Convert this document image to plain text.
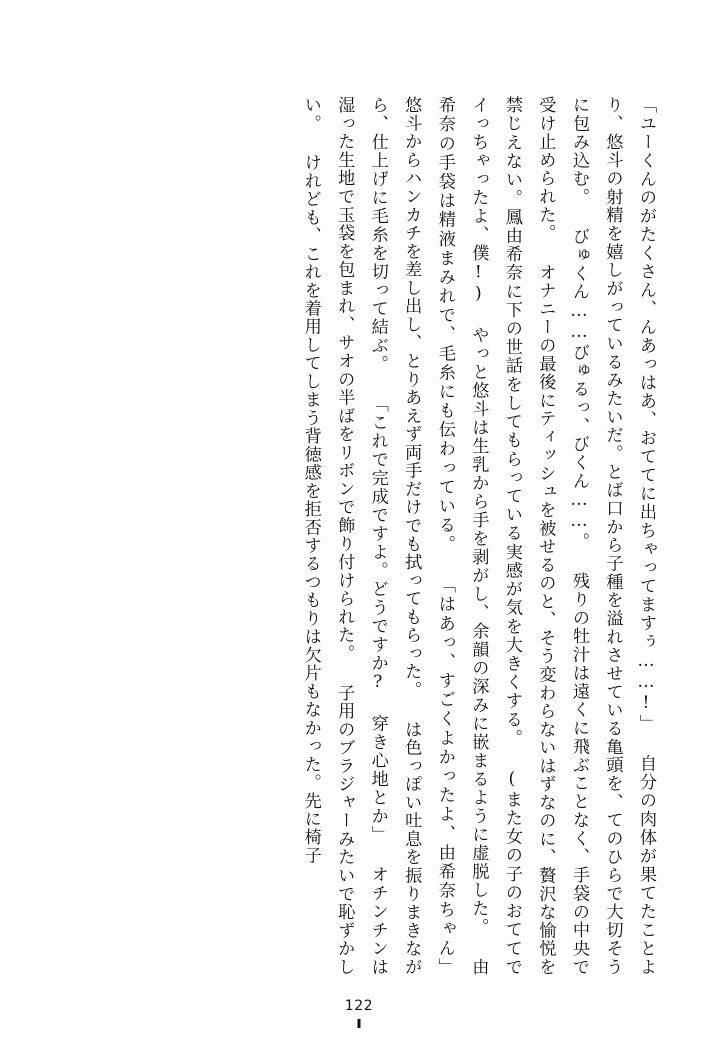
「ユーくんのがたくさん、んあっはあ、おててに出ちゃってますぅ……!」 自分の肉体が果てたことより、悠斗の射精を嬉しがっているみたいだ。とば口から子種を溢れさせている亀頭を、てのひらで大切そうに包み込む。 びゅくん……びゅるっ、びくん……。 残りの牡汁は遠くに飛ぶことなく、手袋の中央で受け止められた。 オナニーの最後にティッシュを被せるのと、そう変わらないはずなのに、贅沢な愉悦を禁じえない。鳳由希奈に下の世話をしてもらっている実感が気を大きくする。 (また女の子のおててでイっちゃったよ、僕!) やっと悠斗は生乳から手を剥がし、余韻の深みに嵌まるように虚脱した。 由希奈の手袋は精液まみれで、毛糸にも伝わっている。 「はあっ、すごくよかったよ、由希奈ちゃん」 悠斗からハンカチを差し出し、とりあえず両手だけでも拭ってもらった。 は色っぽい吐息を振りまきながら、仕上げに毛糸を切って結ぶ。 「これで完成ですよ。どうですか? 穿き心地とか」 オチンチンは湿った生地で玉袋を包まれ、サオの半ばをリボンで飾り付けられた。 子用のブラジャーみたいで恥ずかしい。 けれども、これを着用してしまう背徳感を拒否するつもりは欠片もなかった。先に椅子
122
